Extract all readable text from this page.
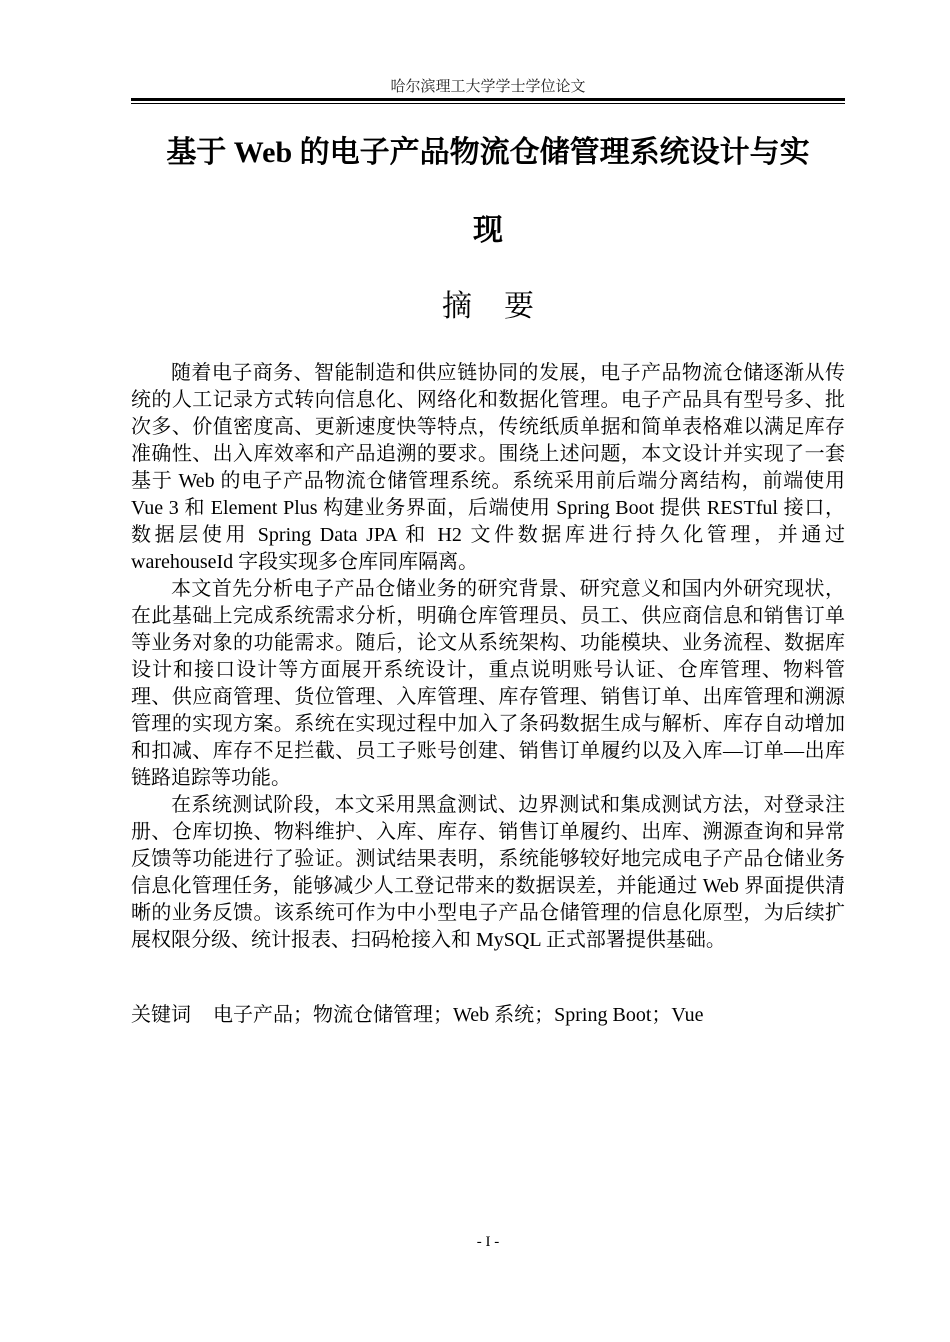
哈尔滨理工大学学士学位论文
基于 Web 的电子产品物流仓储管理系统设计与实
现
摘要

随着电子商务、智能制造和供应链协同的发展，电子产品物流仓储逐渐从传统的人工记录方式转向信息化、网络化和数据化管理。电子产品具有型号多、批次多、价值密度高、更新速度快等特点，传统纸质单据和简单表格难以满足库存准确性、出入库效率和产品追溯的要求。围绕上述问题，本文设计并实现了一套基于 Web 的电子产品物流仓储管理系统。系统采用前后端分离结构，前端使用 Vue 3 和 Element Plus 构建业务界面，后端使用 Spring Boot 提供 RESTful 接口，数据层使用 Spring Data JPA 和 H2 文件数据库进行持久化管理，并通过 warehouseId 字段实现多仓库同库隔离。

本文首先分析电子产品仓储业务的研究背景、研究意义和国内外研究现状，在此基础上完成系统需求分析，明确仓库管理员、员工、供应商信息和销售订单等业务对象的功能需求。随后，论文从系统架构、功能模块、业务流程、数据库设计和接口设计等方面展开系统设计，重点说明账号认证、仓库管理、物料管理、供应商管理、货位管理、入库管理、库存管理、销售订单、出库管理和溯源管理的实现方案。系统在实现过程中加入了条码数据生成与解析、库存自动增加和扣减、库存不足拦截、员工子账号创建、销售订单履约以及入库—订单—出库链路追踪等功能。

在系统测试阶段，本文采用黑盒测试、边界测试和集成测试方法，对登录注册、仓库切换、物料维护、入库、库存、销售订单履约、出库、溯源查询和异常反馈等功能进行了验证。测试结果表明，系统能够较好地完成电子产品仓储业务信息化管理任务，能够减少人工登记带来的数据误差，并能通过 Web 界面提供清晰的业务反馈。该系统可作为中小型电子产品仓储管理的信息化原型，为后续扩展权限分级、统计报表、扫码枪接入和 MySQL 正式部署提供基础。

关键词 电子产品；物流仓储管理；Web 系统；Spring Boot；Vue
- I -
